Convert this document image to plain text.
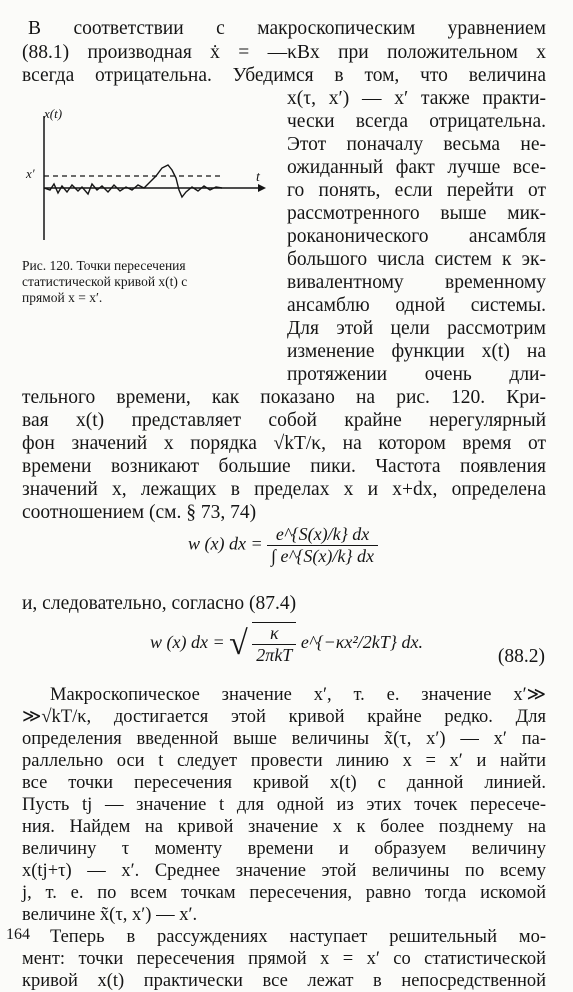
В соответствии с макроскопическим уравнением
(88.1) производная ẋ = —κBx при положительном x
всегда отрицательна. Убедимся в том, что величина
x(t)
x′	t
Рис. 120. Точки пересечения
статистической кривой x(t) с
прямой x = x′.
x(τ, x′) — x′ также практи-
чески всегда отрицательна.
Этот поначалу весьма не-
ожиданный факт лучше все-
го понять, если перейти от
рассмотренного выше мик-
роканонического ансамбля
большого числа систем к эк-
вивалентному временному
ансамблю одной системы.
Для этой цели рассмотрим
изменение функции x(t) на
протяжении очень дли-
тельного времени, как показано на рис. 120. Кри-
вая x(t) представляет собой крайне нерегулярный
фон значений x порядка √kT/κ, на котором время от
времени возникают большие пики. Частота появления
значений x, лежащих в пределах x и x+dx, определена
соотношением (см. § 73, 74)
w (x) dx = $\frac{e\^{}\{S(x)/k\} dx}{\int e\^{}\{S(x)/k\} dx}$
и, следовательно, согласно (87.4)
w (x) dx = √ $\frac{\kappa}{\text{2πkT}}$ e^{−κx²/2kT} dx.
(88.2)
Макроскопическое значение x′, т. е. значение x′≫
≫√kT/κ, достигается этой кривой крайне редко. Для
определения введенной выше величины x̃(τ, x′) — x′ па-
раллельно оси t следует провести линию x = x′ и найти
все точки пересечения кривой x(t) с данной линией.
Пусть tj — значение t для одной из этих точек пересече-
ния. Найдем на кривой значение x к более позднему на
величину τ моменту времени и образуем величину
x(tj+τ) — x′. Среднее значение этой величины по всему
164
j, т. е. по всем точкам пересечения, равно тогда искомой
величине x̃(τ, x′) — x′.
Теперь в рассуждениях наступает решительный мо-
мент: точки пересечения прямой x = x′ со статистической
кривой x(t) практически все лежат в непосредственной
